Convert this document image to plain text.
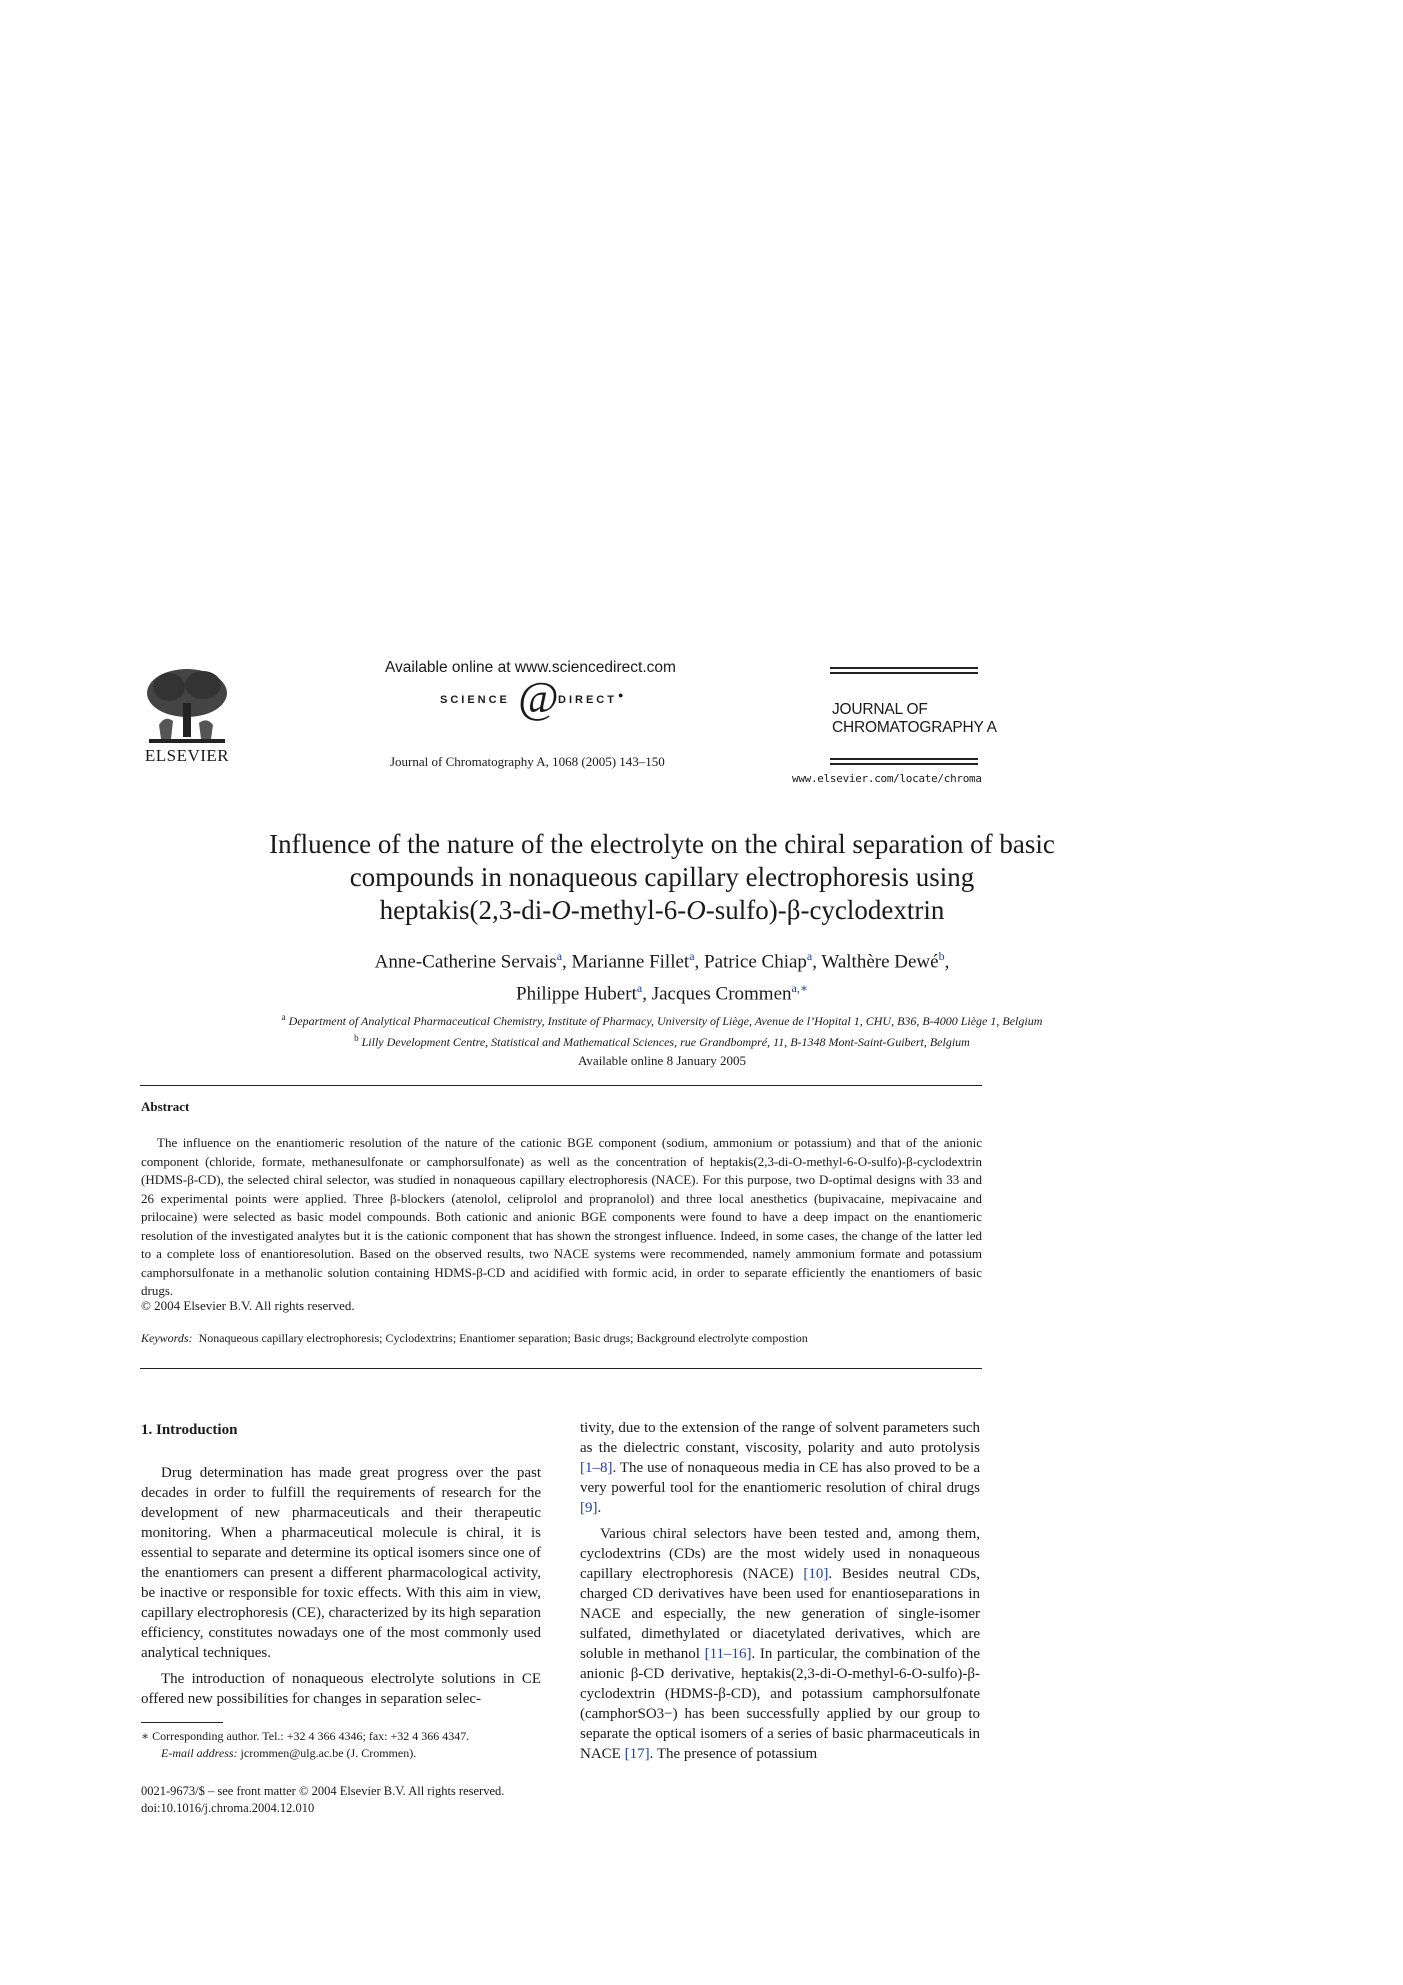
ELSEVIER
Available online at www.sciencedirect.com
SCIENCE @ DIRECT ●
Journal of Chromatography A, 1068 (2005) 143–150
JOURNAL OF
CHROMATOGRAPHY A
www.elsevier.com/locate/chroma
Influence of the nature of the electrolyte on the chiral separation of basic
compounds in nonaqueous capillary electrophoresis using
heptakis(2,3-di-O-methyl-6-O-sulfo)-β-cyclodextrin
Anne-Catherine Servais$^a$, Marianne Fillet$^a$, Patrice Chiap$^a$, Walthère Dewé$^b$,
Philippe Hubert$^a$, Jacques Crommen$^{a,∗}$
$^a$ Department of Analytical Pharmaceutical Chemistry, Institute of Pharmacy, University of Liège, Avenue de l’Hopital 1, CHU, B36, B-4000 Liège 1, Belgium
$^b$ Lilly Development Centre, Statistical and Mathematical Sciences, rue Grandbompré, 11, B-1348 Mont-Saint-Guibert, Belgium
Available online 8 January 2005
Abstract

The influence on the enantiomeric resolution of the nature of the cationic BGE component (sodium, ammonium or potassium) and that of the anionic component (chloride, formate, methanesulfonate or camphorsulfonate) as well as the concentration of heptakis(2,3-di-O-methyl-6-O-sulfo)-β-cyclodextrin (HDMS-β-CD), the selected chiral selector, was studied in nonaqueous capillary electrophoresis (NACE). For this purpose, two D-optimal designs with 33 and 26 experimental points were applied. Three β-blockers (atenolol, celiprolol and propranolol) and three local anesthetics (bupivacaine, mepivacaine and prilocaine) were selected as basic model compounds. Both cationic and anionic BGE components were found to have a deep impact on the enantiomeric resolution of the investigated analytes but it is the cationic component that has shown the strongest influence. Indeed, in some cases, the change of the latter led to a complete loss of enantioresolution. Based on the observed results, two NACE systems were recommended, namely ammonium formate and potassium camphorsulfonate in a methanolic solution containing HDMS-β-CD and acidified with formic acid, in order to separate efficiently the enantiomers of basic drugs.

© 2004 Elsevier B.V. All rights reserved.
Keywords: Nonaqueous capillary electrophoresis; Cyclodextrins; Enantiomer separation; Basic drugs; Background electrolyte compostion
1. Introduction

Drug determination has made great progress over the past decades in order to fulfill the requirements of research for the development of new pharmaceuticals and their therapeutic monitoring. When a pharmaceutical molecule is chiral, it is essential to separate and determine its optical isomers since one of the enantiomers can present a different pharmacological activity, be inactive or responsible for toxic effects. With this aim in view, capillary electrophoresis (CE), characterized by its high separation efficiency, constitutes nowadays one of the most commonly used analytical techniques.

The introduction of nonaqueous electrolyte solutions in CE offered new possibilities for changes in separation selec-

tivity, due to the extension of the range of solvent parameters such as the dielectric constant, viscosity, polarity and auto protolysis [1–8]. The use of nonaqueous media in CE has also proved to be a very powerful tool for the enantiomeric resolution of chiral drugs [9].

Various chiral selectors have been tested and, among them, cyclodextrins (CDs) are the most widely used in nonaqueous capillary electrophoresis (NACE) [10]. Besides neutral CDs, charged CD derivatives have been used for enantioseparations in NACE and especially, the new generation of single-isomer sulfated, dimethylated or diacetylated derivatives, which are soluble in methanol [11–16]. In particular, the combination of the anionic β-CD derivative, heptakis(2,3-di-O-methyl-6-O-sulfo)-β-cyclodextrin (HDMS-β-CD), and potassium camphorsulfonate (camphorSO3−) has been successfully applied by our group to separate the optical isomers of a series of basic pharmaceuticals in NACE [17]. The presence of potassium

∗ Corresponding author. Tel.: +32 4 366 4346; fax: +32 4 366 4347.
E-mail address: jcrommen@ulg.ac.be (J. Crommen).
0021-9673/$ – see front matter © 2004 Elsevier B.V. All rights reserved.
doi:10.1016/j.chroma.2004.12.010
